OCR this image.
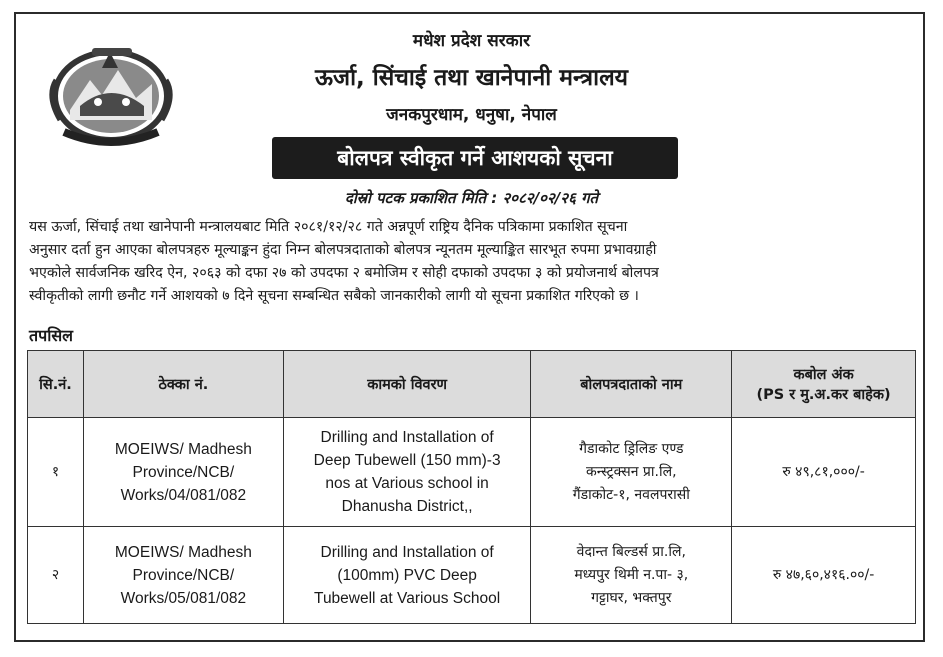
मधेश प्रदेश सरकार
ऊर्जा, सिंचाई तथा खानेपानी मन्त्रालय
जनकपुरधाम, धनुषा, नेपाल
बोलपत्र स्वीकृत गर्ने आशयको सूचना
दोस्रो पटक प्रकाशित मिति : २०८२/०२/२६ गते
यस ऊर्जा, सिंचाई तथा खानेपानी मन्त्रालयबाट मिति २०८१/१२/२८ गते अन्नपूर्ण राष्ट्रिय दैनिक पत्रिकामा प्रकाशित सूचना
अनुसार दर्ता हुन आएका बोलपत्रहरु मूल्याङ्कन हुंदा निम्न बोलपत्रदाताको बोलपत्र न्यूनतम मूल्याङ्कित सारभूत रुपमा प्रभावग्राही
भएकोले सार्वजनिक खरिद ऐन, २०६३ को दफा २७ को उपदफा २ बमोजिम र सोही दफाको उपदफा ३ को प्रयोजनार्थ बोलपत्र
स्वीकृतीको लागी छनौट गर्ने आशयको ७ दिने सूचना सम्बन्धित सबैको जानकारीको लागी यो सूचना प्रकाशित गरिएको छ ।
तपसिल
सि.नं.	ठेक्का नं.	कामको विवरण	बोलपत्रदाताको नाम	कबोल अंक
(PS र मु.अ.कर बाहेक)

१	MOEIWS/ Madhesh
Province/NCB/
Works/04/081/082	Drilling and Installation of
Deep Tubewell (150 mm)-3
nos at Various school in
Dhanusha District,,	गैडाकोट ड्रिलिङ एण्ड
कन्स्ट्रक्सन प्रा.लि,
गैंडाकोट-१, नवलपरासी	रु ४९,८१,०००/-
२	MOEIWS/ Madhesh
Province/NCB/
Works/05/081/082	Drilling and Installation of
(100mm) PVC Deep
Tubewell at Various School	वेदान्त बिल्डर्स प्रा.लि,
मध्यपुर थिमी न.पा- ३,
गट्टाघर, भक्तपुर	रु ४७,६०,४१६.००/-
